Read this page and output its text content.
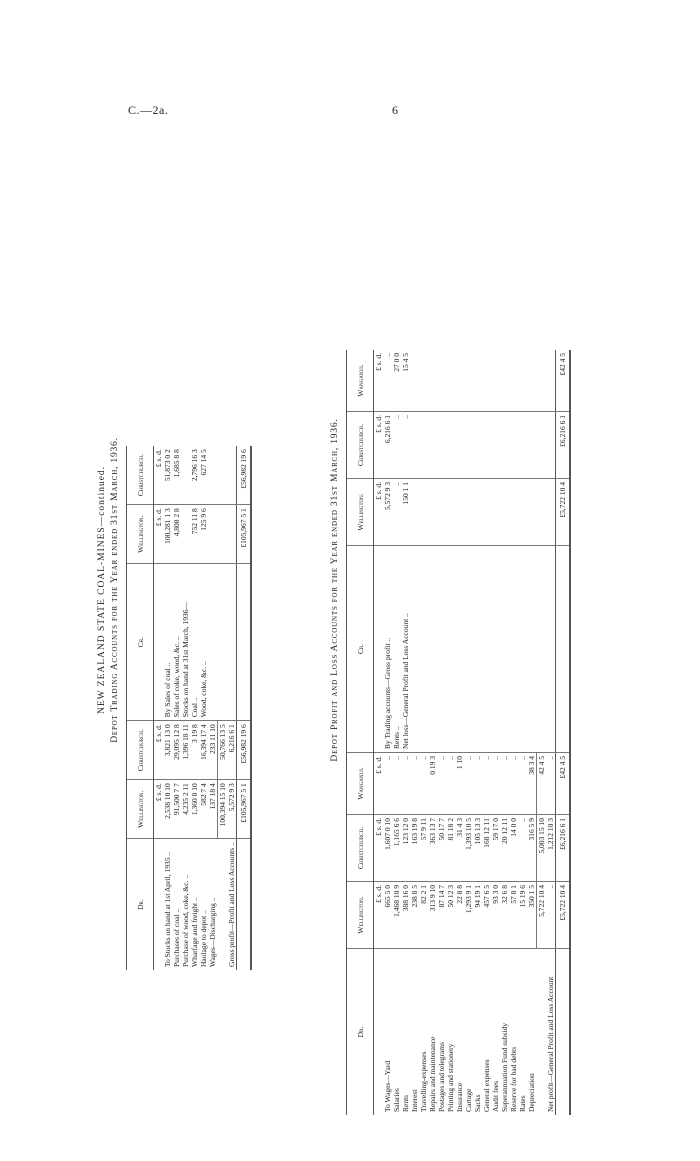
C.—2a.	6
NEW ZEALAND STATE COAL-MINES—continued. Depot Trading Accounts for the Year ended 31st March, 1936.
Dr.	Wellington.	Christchurch.	Cr.	Wellington.	Christchurch.
	£ s. d.	£ s. d.		£ s. d.	£ s. d.
To Stocks on hand at 1st April, 1935 ..	2,538 10 10	3,821 13 0	By Sales of coal ..	100,281 1 3	51,873 0 2
Purchases of coal ..	91,500 7 7	29,095 12 8	Sales of coke, wood, &c. ..	4,808 2 8	1,685 8 8
Purchase of wood, coke, &c. ..	4,235 2 11	1,396 18 11	Stocks on hand at 31st March, 1936—		
Wharfage and freight ..	1,360 8 10	3 19 8	Coal ..	752 11 8	2,796 16 3
Haulage to depot ..	582 7 4	16,394 17 4	Wood, coke, &c. ..	125 9 6	627 14 5
Wages—Discharging ..	137 18 4	233 11 10			
	100,394 15 10	50,766 13 5			
Gross profit—Profit and Loss Accounts ..	5,572 9 3	6,216 6 1			
	£105,967 5 1	£56,982 19 6		£105,967 5 1	£56,982 19 6	Depot Profit and Loss Accounts for the Year ended 31st March, 1936.
Dr.	Wellington.	Christchurch.	Wanganui.	Cr.	Wellington.	Christchurch.	Wanganui.
	£ s. d.	£ s. d.	£ s. d.		£ s. d.	£ s. d.	£ s. d.
To Wages—Yard	665 5 0	1,607 0 10	..	By Trading accounts—Gross profit ..	5,572 9 3	6,216 6 1	..
Salaries	1,468 10 9	1,165 6 6	..	Rents ..	..	..	27 0 0
Rents	388 16 0	123 12 0	..	Net loss—General Profit and Loss Account ..	150 1 1	..	15 4 5
Interest	238 8 5	163 19 8	..				
Travelling-expenses	82 2 1	57 9 11	..				
Repairs and maintenance	313 9 10	363 13 7	0 19 3				
Postages and telegrams	87 14 7	50 17 7	..				
Printing and stationery	50 12 3	81 18 2	..				
Insurance	22 8 8	31 4 3	1 10				
Cartage	1,293 9 1	1,393 10 5	..				
Sacks	94 19 1	105 13 3	..				
General expenses	457 6 5	168 12 11	..				
Audit fees	93 3 0	59 17 0	..				
Superannuation Fund subsidy	32 6 8	20 12 11	..				
Reserve for bad debts	57 8 1	14 0 0	..				
Rates	15 19 6	..	..				
Depreciation	350 1 5	316 5 9	38 3 4				
	5,722 10 4	5,003 15 10	42 4 5				
Net profit—General Profit and Loss Account	..	1,212 10 3	..				
	£5,722 10 4	£6,216 6 1	£42 4 5		£5,722 10 4	£6,216 6 1	£42 4 5
